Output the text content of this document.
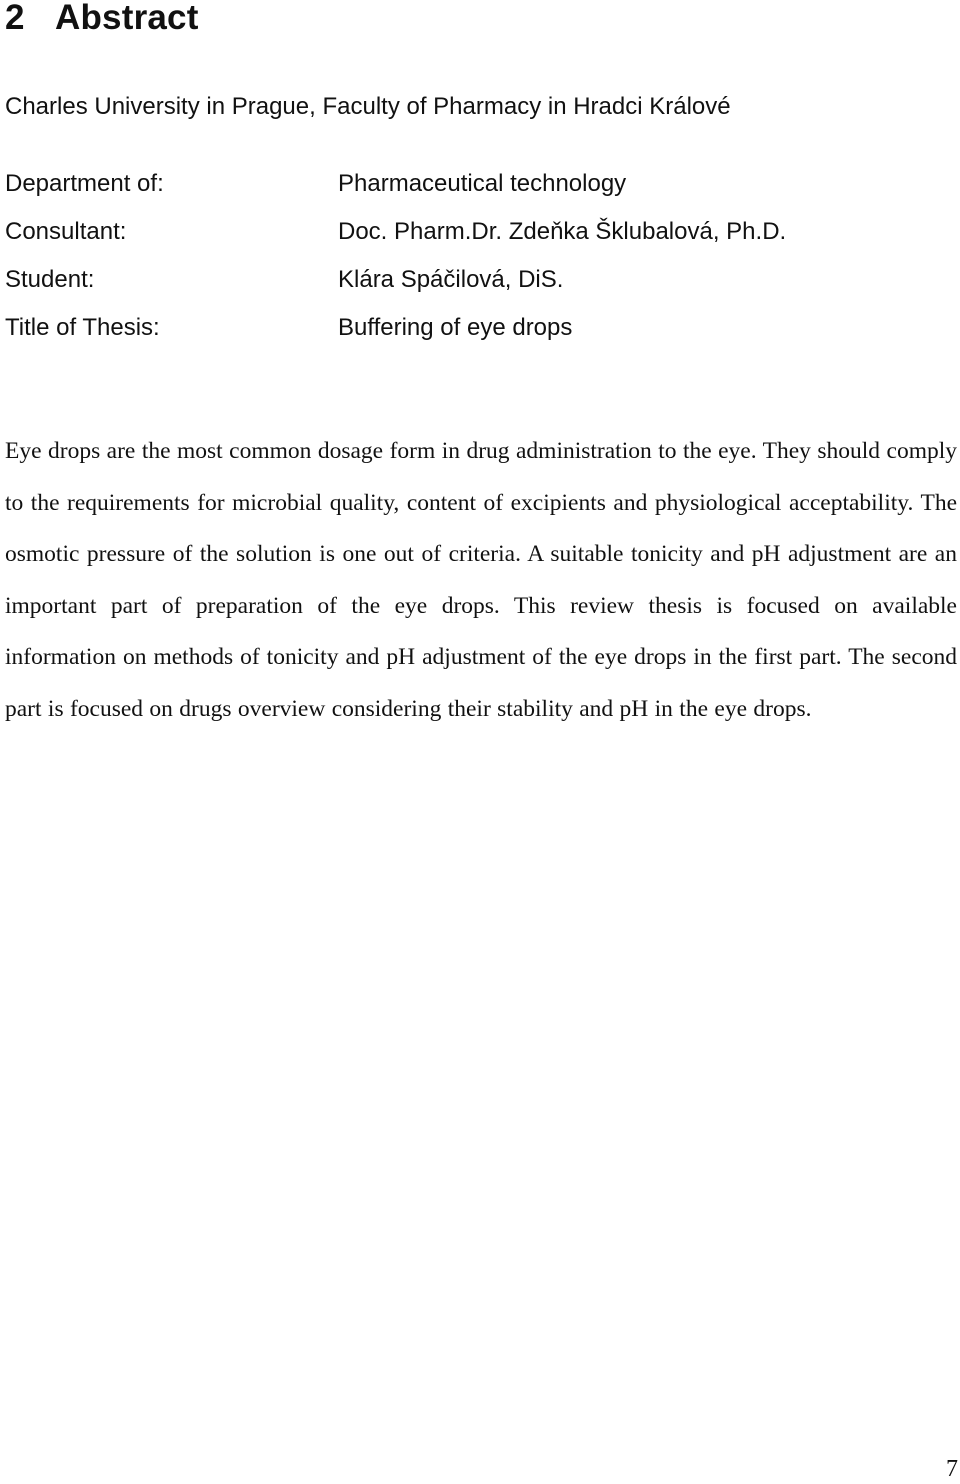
2 Abstract

Charles University in Prague, Faculty of Pharmacy in Hradci Králové

Department of:	Pharmaceutical technology
Consultant:	Doc. Pharm.Dr. Zdeňka Šklubalová, Ph.D.
Student:	Klára Spáčilová, DiS.
Title of Thesis:	Buffering of eye drops

Eye drops are the most common dosage form in drug administration to the eye. They should comply to the requirements for microbial quality, content of excipients and physiological acceptability. The osmotic pressure of the solution is one out of criteria. A suitable tonicity and pH adjustment are an important part of preparation of the eye drops. This review thesis is focused on available information on methods of tonicity and pH adjustment of the eye drops in the first part. The second part is focused on drugs overview considering their stability and pH in the eye drops.

7
